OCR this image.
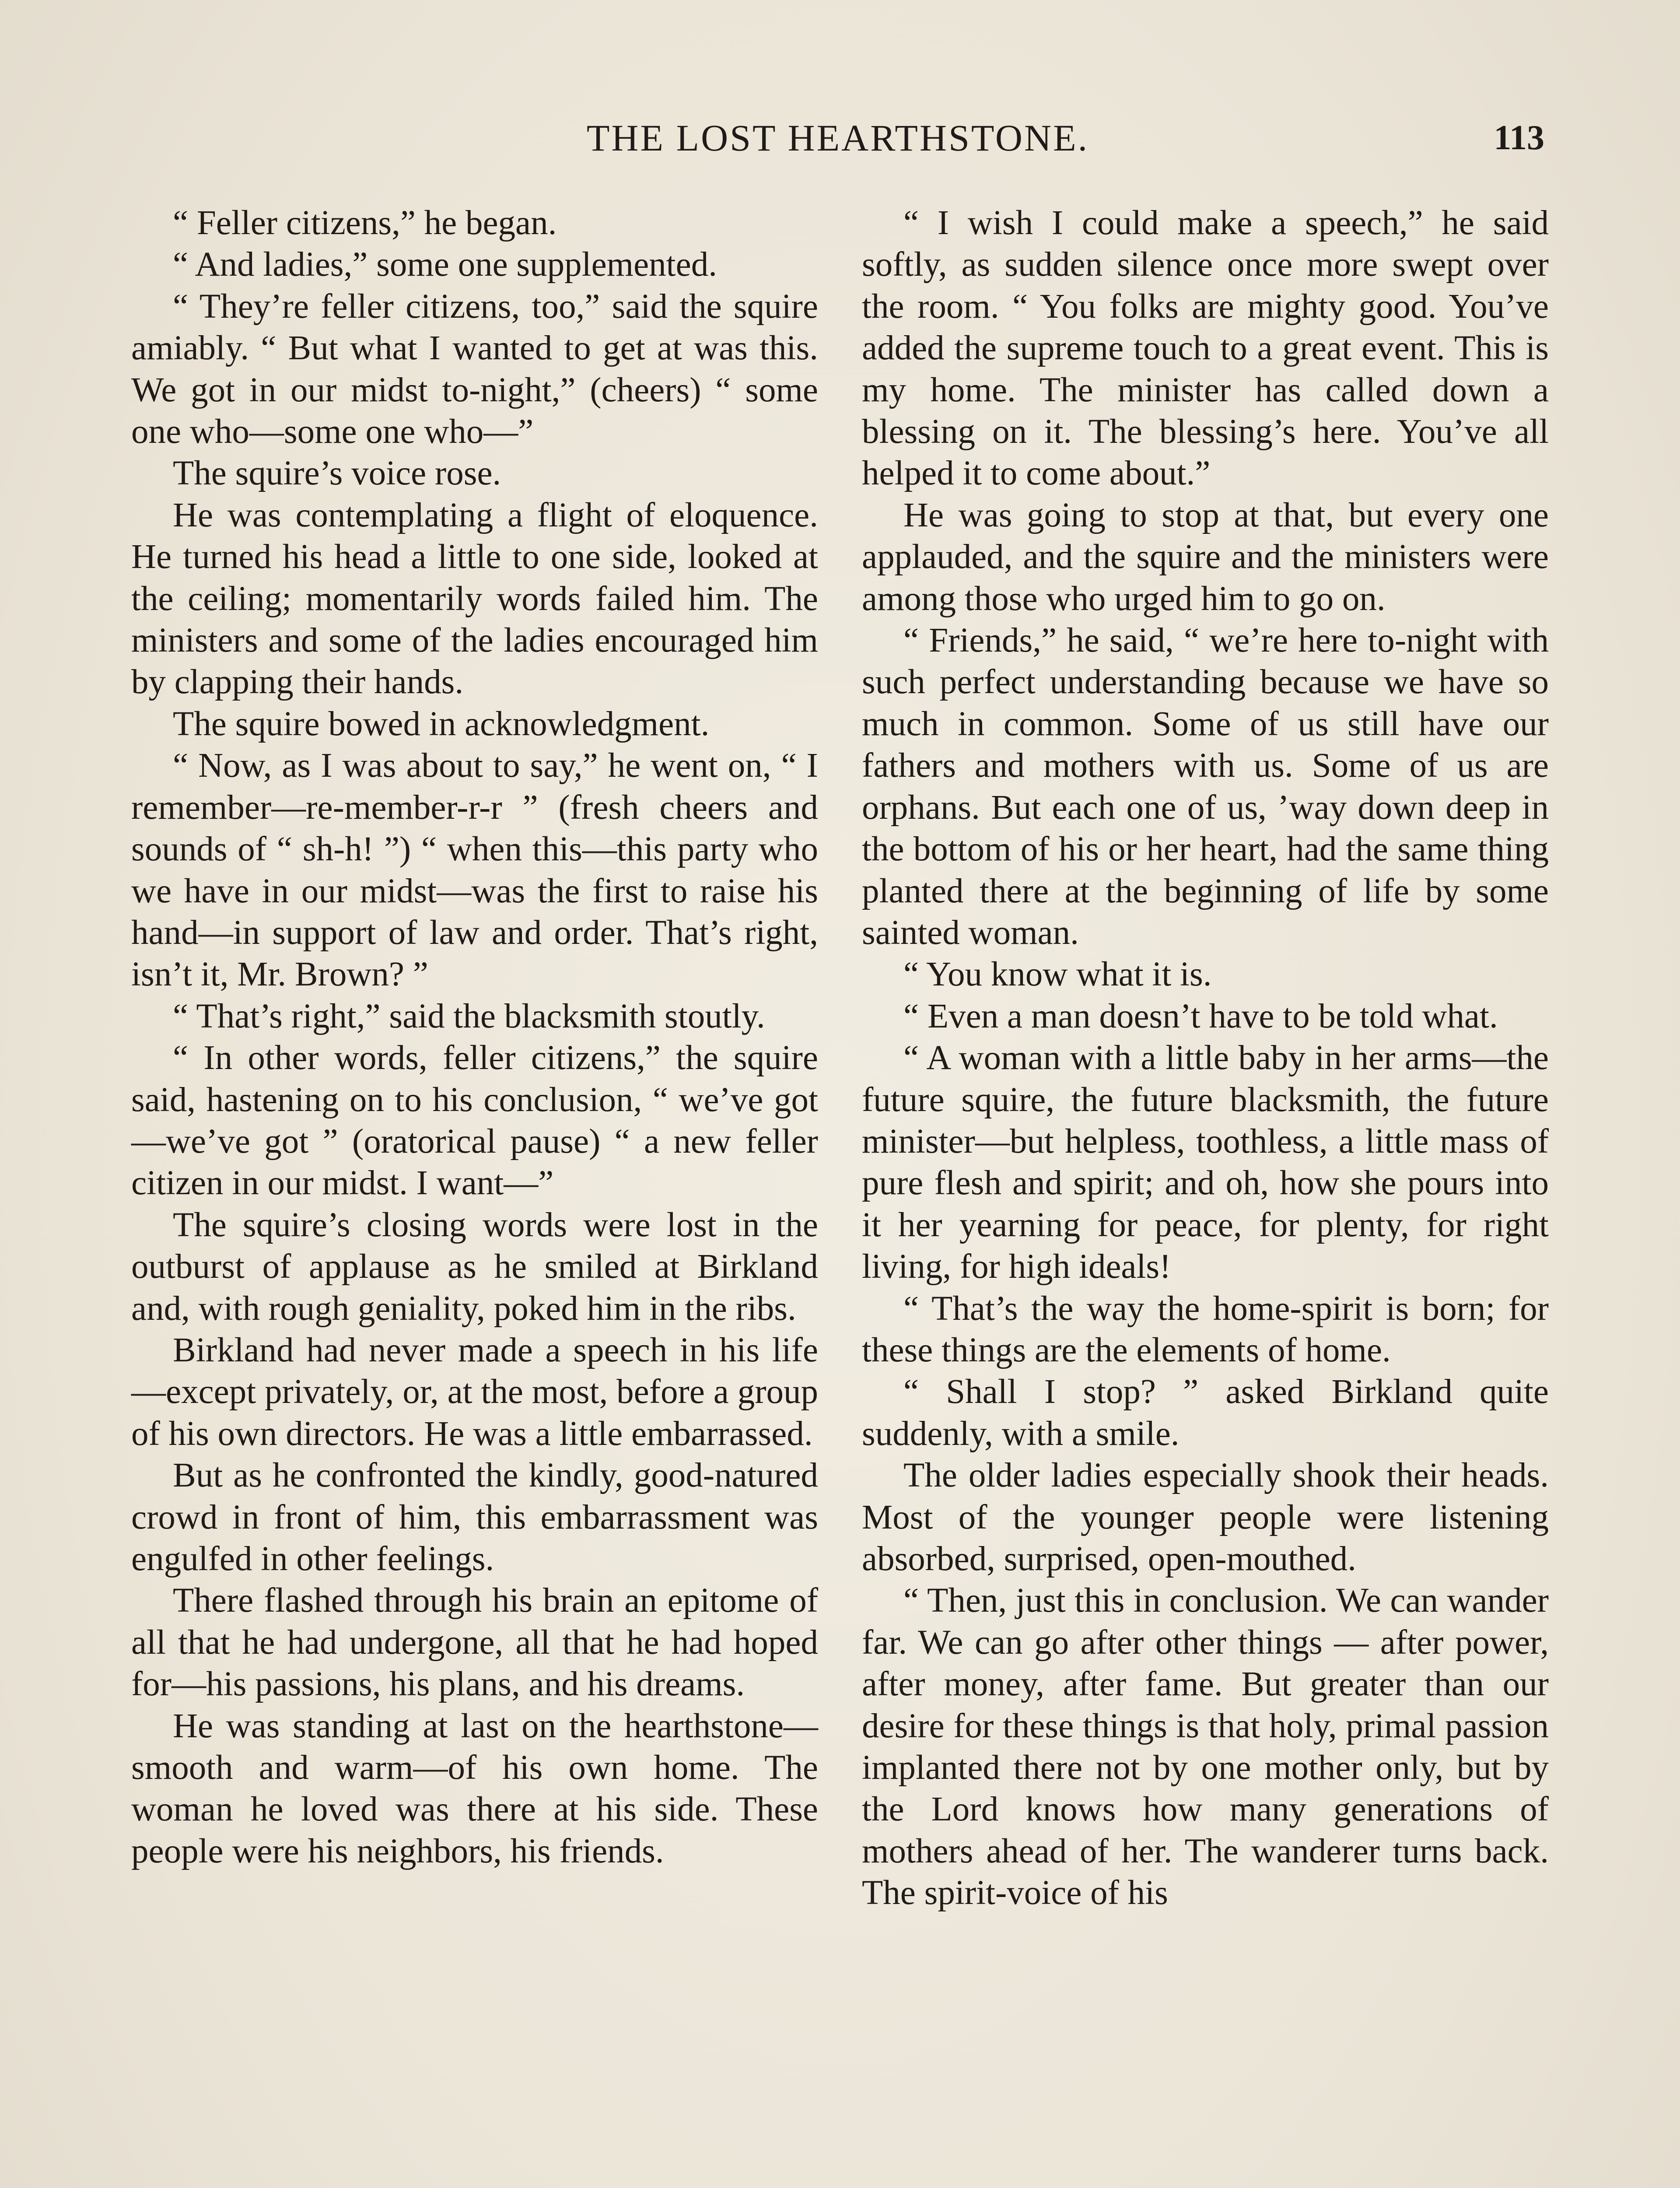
THE LOST HEARTHSTONE.	113

“ Feller citizens,” he began.

“ And ladies,” some one supplemented.

“ They’re feller citizens, too,” said the squire amiably. “ But what I wanted to get at was this. We got in our midst to-night,” (cheers) “ some one who—some one who—”

The squire’s voice rose.

He was contemplating a flight of eloquence. He turned his head a little to one side, looked at the ceiling; momentarily words failed him. The ministers and some of the ladies encouraged him by clapping their hands.

The squire bowed in acknowledgment.

“ Now, as I was about to say,” he went on, “ I remember—re-member-r-r ” (fresh cheers and sounds of “ sh-h! ”) “ when this—this party who we have in our midst—was the first to raise his hand—in support of law and order. That’s right, isn’t it, Mr. Brown? ”

“ That’s right,” said the blacksmith stoutly.

“ In other words, feller citizens,” the squire said, hastening on to his conclusion, “ we’ve got—we’ve got ” (oratorical pause) “ a new feller citizen in our midst. I want—”

The squire’s closing words were lost in the outburst of applause as he smiled at Birkland and, with rough geniality, poked him in the ribs.

Birkland had never made a speech in his life—except privately, or, at the most, before a group of his own directors. He was a little embarrassed.

But as he confronted the kindly, good-natured crowd in front of him, this embarrassment was engulfed in other feelings.

There flashed through his brain an epitome of all that he had undergone, all that he had hoped for—his passions, his plans, and his dreams.

He was standing at last on the hearthstone—smooth and warm—of his own home. The woman he loved was there at his side. These people were his neighbors, his friends.

“ I wish I could make a speech,” he said softly, as sudden silence once more swept over the room. “ You folks are mighty good. You’ve added the supreme touch to a great event. This is my home. The minister has called down a blessing on it. The blessing’s here. You’ve all helped it to come about.”

He was going to stop at that, but every one applauded, and the squire and the ministers were among those who urged him to go on.

“ Friends,” he said, “ we’re here to-night with such perfect understanding because we have so much in common. Some of us still have our fathers and mothers with us. Some of us are orphans. But each one of us, ’way down deep in the bottom of his or her heart, had the same thing planted there at the beginning of life by some sainted woman.

“ You know what it is.

“ Even a man doesn’t have to be told what.

“ A woman with a little baby in her arms—the future squire, the future blacksmith, the future minister—but helpless, toothless, a little mass of pure flesh and spirit; and oh, how she pours into it her yearning for peace, for plenty, for right living, for high ideals!

“ That’s the way the home-spirit is born; for these things are the elements of home.

“ Shall I stop? ” asked Birkland quite suddenly, with a smile.

The older ladies especially shook their heads. Most of the younger people were listening absorbed, surprised, open-mouthed.

“ Then, just this in conclusion. We can wander far. We can go after other things — after power, after money, after fame. But greater than our desire for these things is that holy, primal passion implanted there not by one mother only, but by the Lord knows how many generations of mothers ahead of her. The wanderer turns back. The spirit-voice of his
